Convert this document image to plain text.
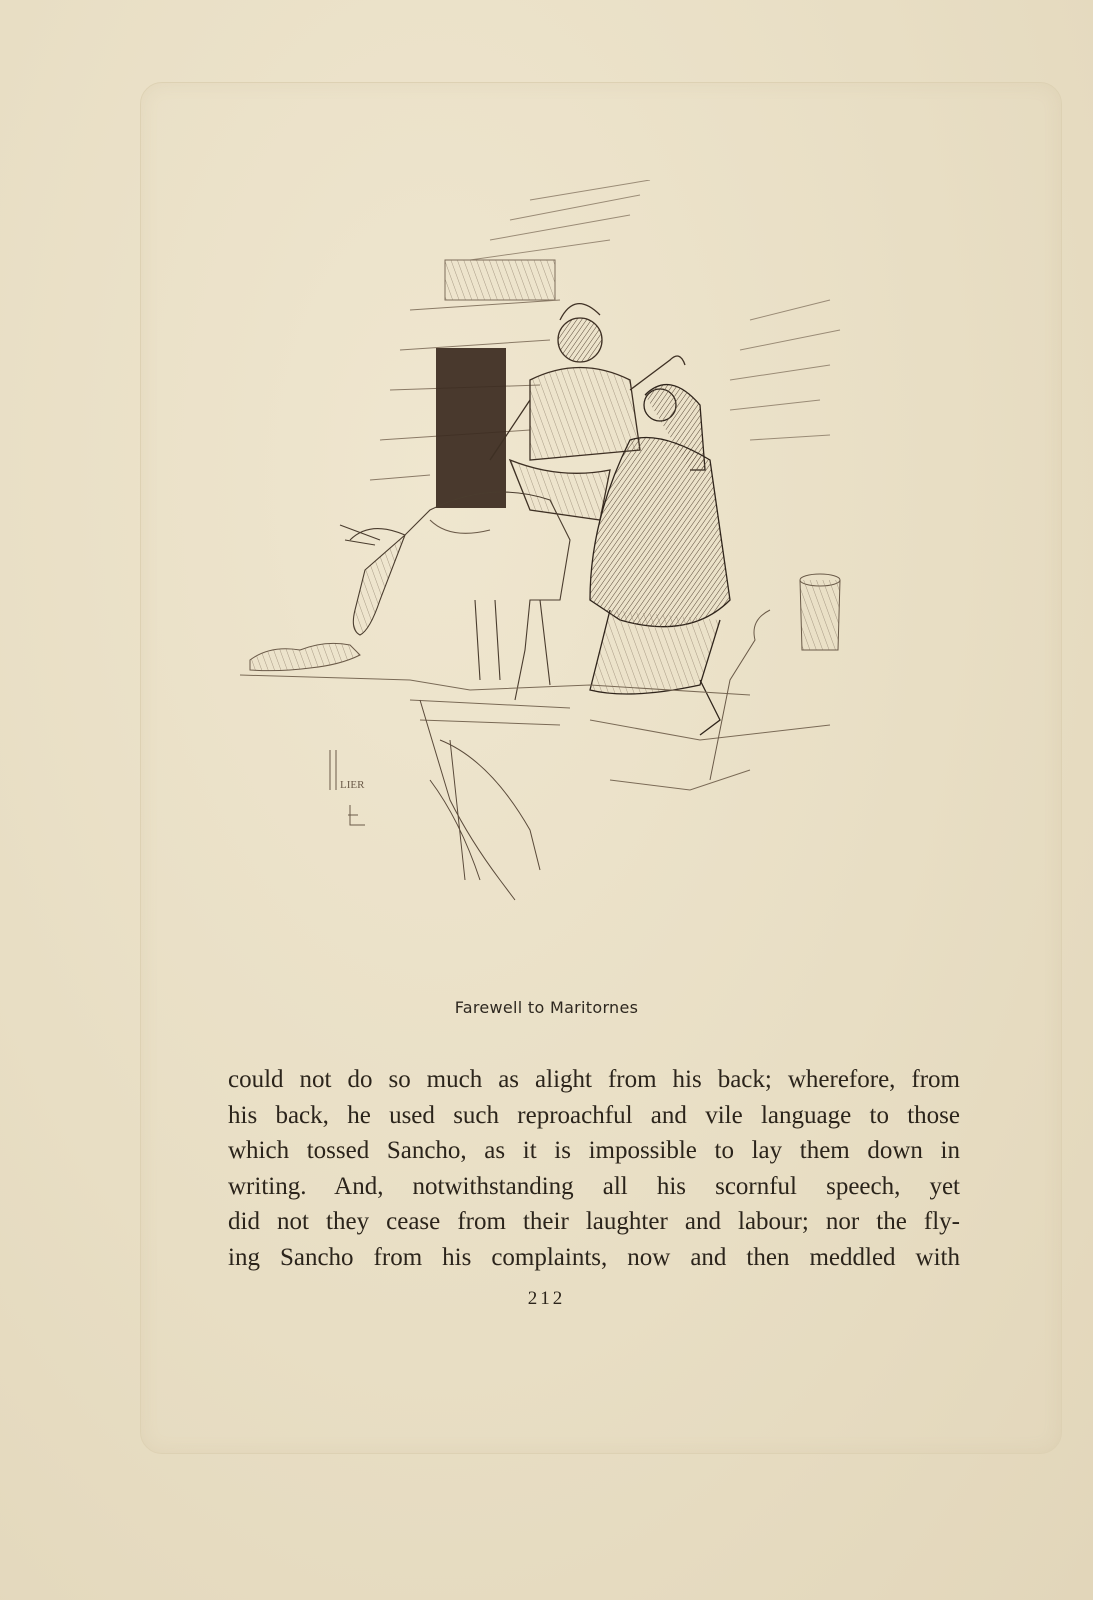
LIER
Farewell to Maritornes
could not do so much as alight from his back; wherefore, from
his back, he used such reproachful and vile language to those
which tossed Sancho, as it is impossible to lay them down in
writing. And, notwithstanding all his scornful speech, yet
did not they cease from their laughter and labour; nor the fly-
ing Sancho from his complaints, now and then meddled with
212
